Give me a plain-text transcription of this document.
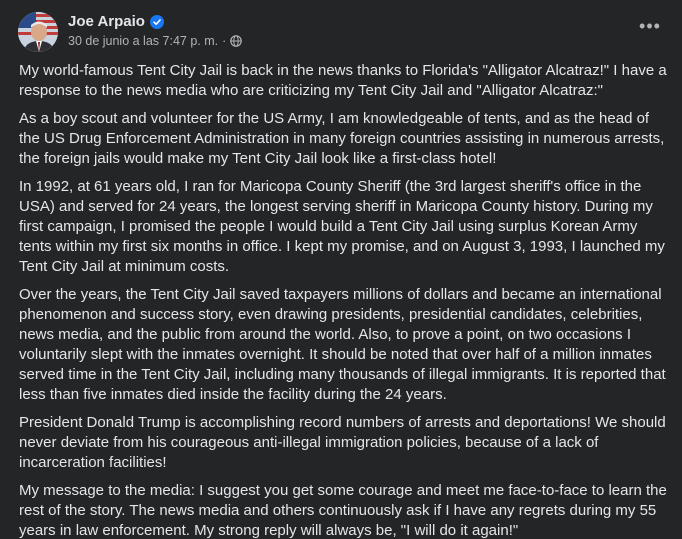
Joe Arpaio
30 de junio a las 7:47 p. m. ·
•••

My world-famous Tent City Jail is back in the news thanks to Florida's "Alligator Alcatraz!" I have a response to the news media who are criticizing my Tent City Jail and "Alligator Alcatraz:"

As a boy scout and volunteer for the US Army, I am knowledgeable of tents, and as the head of the US Drug Enforcement Administration in many foreign countries assisting in numerous arrests, the foreign jails would make my Tent City Jail look like a first-class hotel!

In 1992, at 61 years old, I ran for Maricopa County Sheriff (the 3rd largest sheriff's office in the USA) and served for 24 years, the longest serving sheriff in Maricopa County history. During my first campaign, I promised the people I would build a Tent City Jail using surplus Korean Army tents within my first six months in office. I kept my promise, and on August 3, 1993, I launched my Tent City Jail at minimum costs.

Over the years, the Tent City Jail saved taxpayers millions of dollars and became an international phenomenon and success story, even drawing presidents, presidential candidates, celebrities, news media, and the public from around the world. Also, to prove a point, on two occasions I voluntarily slept with the inmates overnight. It should be noted that over half of a million inmates served time in the Tent City Jail, including many thousands of illegal immigrants. It is reported that less than five inmates died inside the facility during the 24 years.

President Donald Trump is accomplishing record numbers of arrests and deportations! We should never deviate from his courageous anti-illegal immigration policies, because of a lack of incarceration facilities!

My message to the media: I suggest you get some courage and meet me face-to-face to learn the rest of the story. The news media and others continuously ask if I have any regrets during my 55 years in law enforcement. My strong reply will always be, "I will do it again!"
